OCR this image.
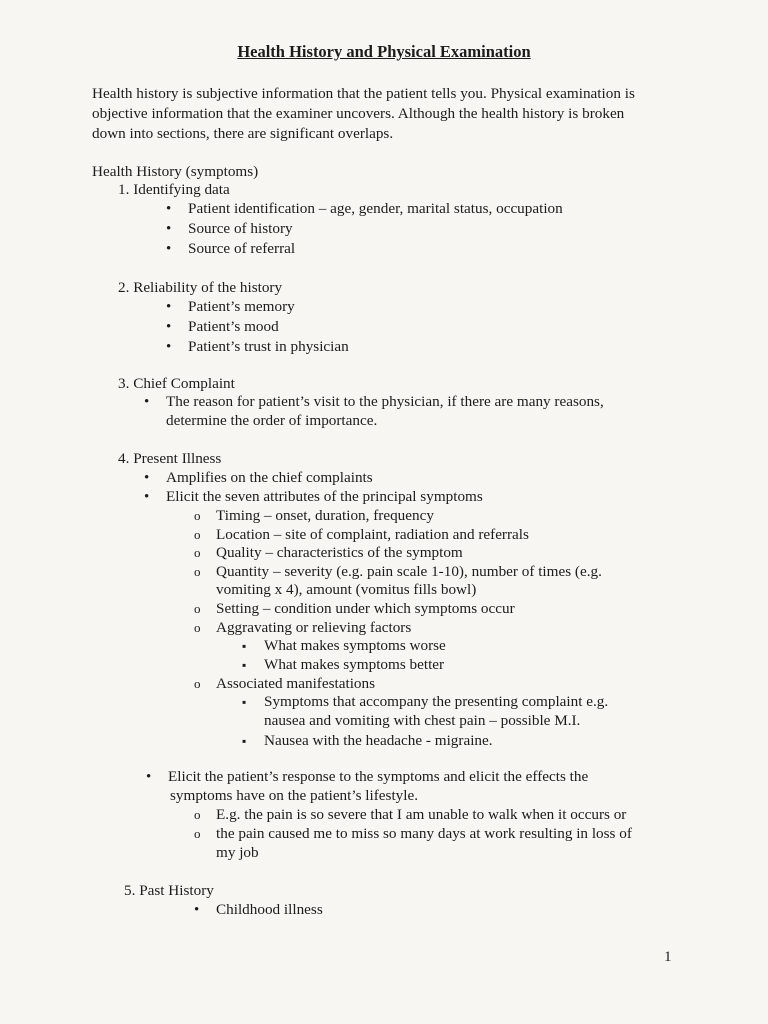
Health History and Physical Examination
Health history is subjective information that the patient tells you. Physical examination is
objective information that the examiner uncovers. Although the health history is broken
down into sections, there are significant overlaps.
Health History (symptoms)
1. Identifying data
•Patient identification – age, gender, marital status, occupation
•Source of history
•Source of referral
2. Reliability of the history
•Patient’s memory
•Patient’s mood
•Patient’s trust in physician
3. Chief Complaint
•The reason for patient’s visit to the physician, if there are many reasons,
determine the order of importance.
4. Present Illness
•Amplifies on the chief complaints
•Elicit the seven attributes of the principal symptoms
oTiming – onset, duration, frequency
oLocation – site of complaint, radiation and referrals
oQuality – characteristics of the symptom
oQuantity – severity (e.g. pain scale 1-10), number of times (e.g.
vomiting x 4), amount (vomitus fills bowl)
oSetting – condition under which symptoms occur
oAggravating or relieving factors
▪What makes symptoms worse
▪What makes symptoms better
oAssociated manifestations
▪Symptoms that accompany the presenting complaint e.g.
nausea and vomiting with chest pain – possible M.I.
▪Nausea with the headache - migraine.
•Elicit the patient’s response to the symptoms and elicit the effects the
symptoms have on the patient’s lifestyle.
oE.g. the pain is so severe that I am unable to walk when it occurs or
othe pain caused me to miss so many days at work resulting in loss of
my job
5. Past History
•Childhood illness
1
